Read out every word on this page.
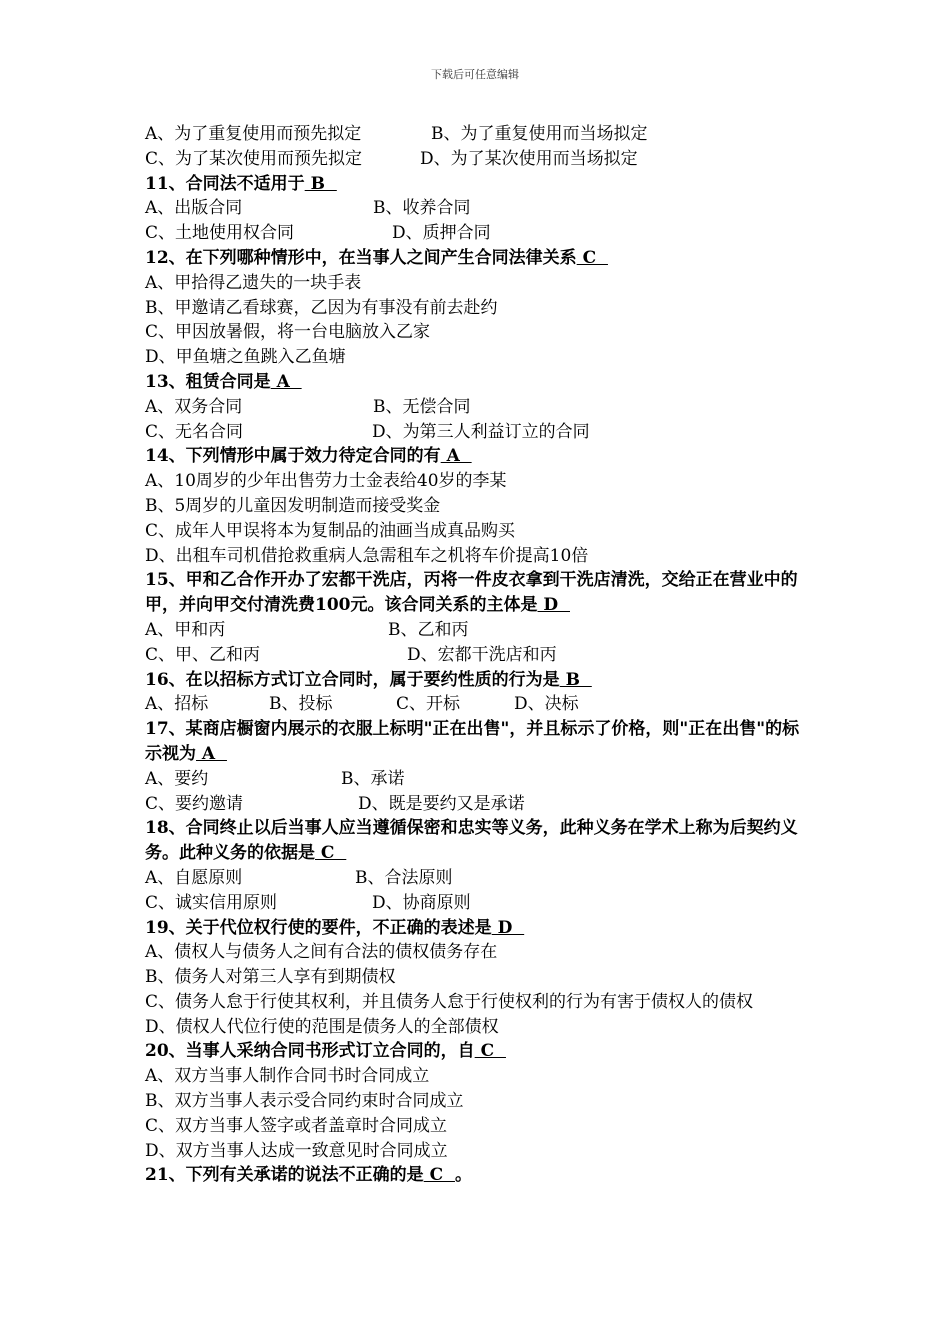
下载后可任意编辑
A、为了重复使用而预先拟定	B、为了重复使用而当场拟定
C、为了某次使用而预先拟定	D、为了某次使用而当场拟定
11、合同法不适用于 B
A、出版合同	B、收养合同
C、土地使用权合同	D、质押合同
12、在下列哪种情形中，在当事人之间产生合同法律关系 C
A、甲拾得乙遗失的一块手表
B、甲邀请乙看球赛，乙因为有事没有前去赴约
C、甲因放暑假，将一台电脑放入乙家
D、甲鱼塘之鱼跳入乙鱼塘
13、租赁合同是 A
A、双务合同	B、无偿合同
C、无名合同	D、为第三人利益订立的合同
14、下列情形中属于效力待定合同的有 A
A、10周岁的少年出售劳力士金表给40岁的李某
B、5周岁的儿童因发明制造而接受奖金
C、成年人甲误将本为复制品的油画当成真品购买
D、出租车司机借抢救重病人急需租车之机将车价提高10倍
15、甲和乙合作开办了宏都干洗店，丙将一件皮衣拿到干洗店清洗，交给正在营业中的甲，并向甲交付清洗费100元。该合同关系的主体是 D
A、甲和丙	B、乙和丙
C、甲、乙和丙	D、宏都干洗店和丙
16、在以招标方式订立合同时，属于要约性质的行为是 B
A、招标	B、投标	C、开标	D、决标
17、某商店橱窗内展示的衣服上标明"正在出售"，并且标示了价格，则"正在出售"的标示视为 A
A、要约	B、承诺
C、要约邀请	D、既是要约又是承诺
18、合同终止以后当事人应当遵循保密和忠实等义务，此种义务在学术上称为后契约义务。此种义务的依据是 C
A、自愿原则	B、合法原则
C、诚实信用原则	D、协商原则
19、关于代位权行使的要件，不正确的表述是 D
A、债权人与债务人之间有合法的债权债务存在
B、债务人对第三人享有到期债权
C、债务人怠于行使其权利，并且债务人怠于行使权利的行为有害于债权人的债权
D、债权人代位行使的范围是债务人的全部债权
20、当事人采纳合同书形式订立合同的，自 C
A、双方当事人制作合同书时合同成立
B、双方当事人表示受合同约束时合同成立
C、双方当事人签字或者盖章时合同成立
D、双方当事人达成一致意见时合同成立
21、下列有关承诺的说法不正确的是 C  。
